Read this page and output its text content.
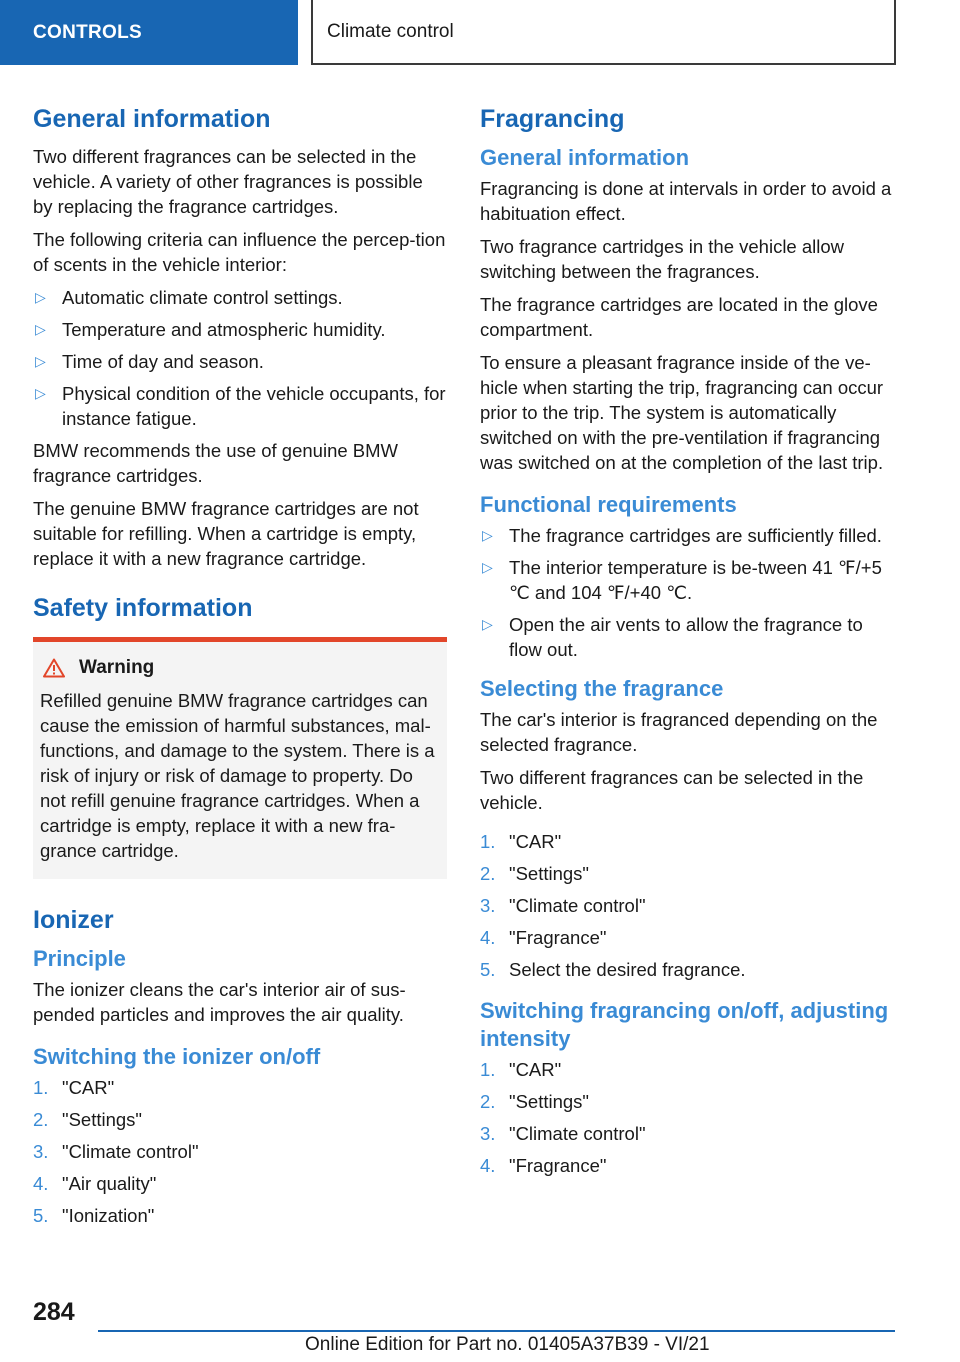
CONTROLS	Climate control
General information

Two different fragrances can be selected in the vehicle. A variety of other fragrances is possible by replacing the fragrance cartridges.

The following criteria can influence the percep-tion of scents in the vehicle interior:

▷ Automatic climate control settings.
▷ Temperature and atmospheric humidity.
▷ Time of day and season.
▷ Physical condition of the vehicle occupants, for instance fatigue.

BMW recommends the use of genuine BMW fragrance cartridges.

The genuine BMW fragrance cartridges are not suitable for refilling. When a cartridge is empty, replace it with a new fragrance cartridge.

Safety information
Warning

Refilled genuine BMW fragrance cartridges can cause the emission of harmful substances, mal-functions, and damage to the system. There is a risk of injury or risk of damage to property. Do not refill genuine fragrance cartridges. When a cartridge is empty, replace it with a new fra-grance cartridge.

Ionizer
Principle

The ionizer cleans the car's interior air of sus-pended particles and improves the air quality.

Switching the ionizer on/off
1. "CAR"
2. "Settings"
3. "Climate control"
4. "Air quality"
5. "Ionization"
Fragrancing
General information

Fragrancing is done at intervals in order to avoid a habituation effect.

Two fragrance cartridges in the vehicle allow switching between the fragrances.

The fragrance cartridges are located in the glove compartment.

To ensure a pleasant fragrance inside of the ve-hicle when starting the trip, fragrancing can occur prior to the trip. The system is automatically switched on with the pre-ventilation if fragrancing was switched on at the completion of the last trip.

Functional requirements
▷ The fragrance cartridges are sufficiently filled.
▷ The interior temperature is be-tween 41 ℉/+5 ℃ and 104 ℉/+40 ℃.
▷ Open the air vents to allow the fragrance to flow out.
Selecting the fragrance

The car's interior is fragranced depending on the selected fragrance.

Two different fragrances can be selected in the vehicle.

1. "CAR"
2. "Settings"
3. "Climate control"
4. "Fragrance"
5. Select the desired fragrance.
Switching fragrancing on/off, adjusting intensity
1. "CAR"
2. "Settings"
3. "Climate control"
4. "Fragrance"
284
Online Edition for Part no. 01405A37B39 - VI/21
